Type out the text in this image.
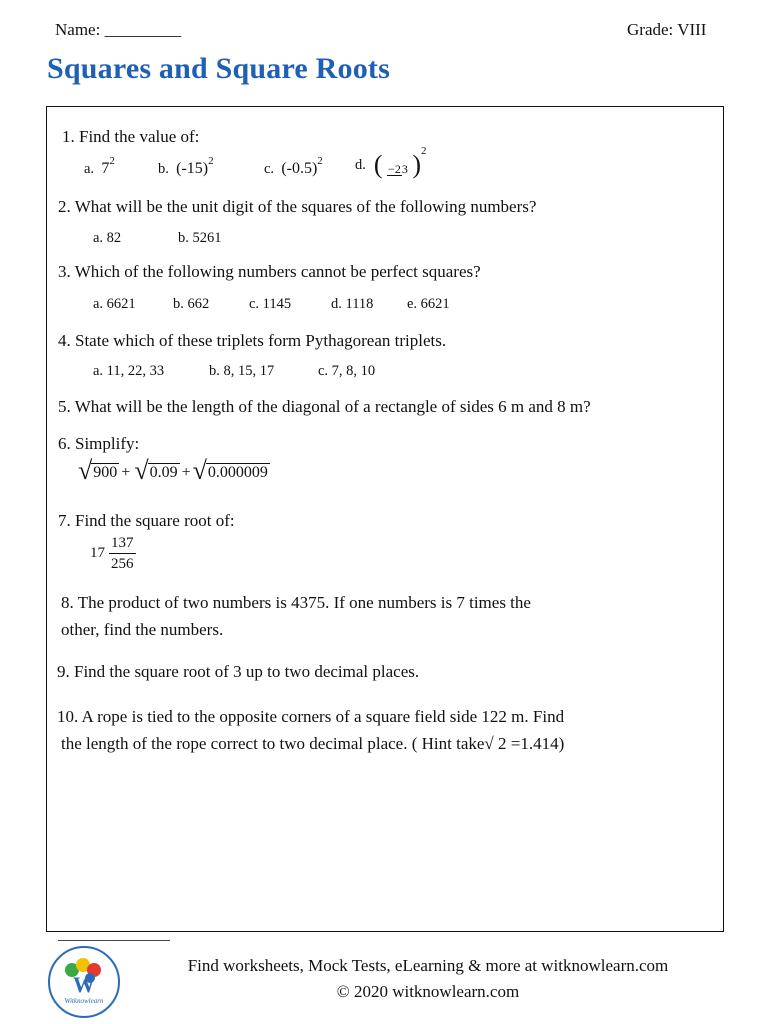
Name: _________	Grade: VIII
Squares and Square Roots
1. Find the value of:
a. $7^2$	b. $(-15)^2$	c. $(-0.5)^2$ d. ( −23 )$^2$
2. What will be the unit digit of the squares of the following numbers?
a. 82	b. 5261
3. Which of the following numbers cannot be perfect squares?
a. 6621	b. 662	c. 1145	d. 1118 e. 6621
4. State which of these triplets form Pythagorean triplets.
a. 11, 22, 33	b. 8, 15, 17	c. 7, 8, 10
5. What will be the length of the diagonal of a rectangle of sides 6 m and 8 m?
6. Simplify:
√ 900 + √ 0.09 + √ 0.000009
7. Find the square root of:
$17 \frac{137}{256}$
8. The product of two numbers is 4375. If one numbers is 7 times the
other, find the numbers.
9. Find the square root of 3 up to two decimal places.
10. A rope is tied to the opposite corners of a square field side 122 m. Find
the length of the rope correct to two decimal place. ( Hint take√ 2 =1.414)
W
Witknowlearn
Find worksheets, Mock Tests, eLearning & more at witknowlearn.com
© 2020 witknowlearn.com
